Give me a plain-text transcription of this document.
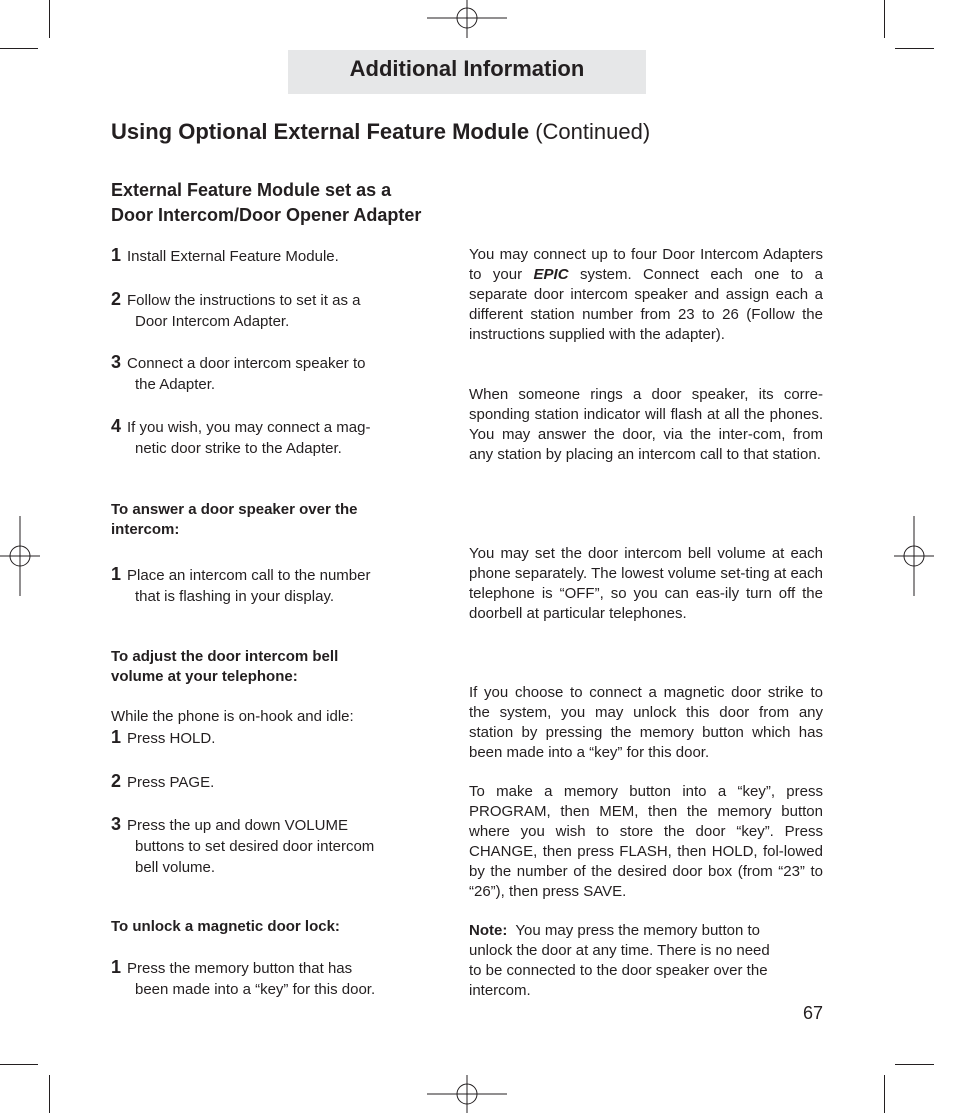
Additional Information
Using Optional External Feature Module (Continued)
External Feature Module set as a
Door Intercom/Door Opener Adapter
1 Install External Feature Module.
2 Follow the instructions to set it as a
Door Intercom Adapter.
3 Connect a door intercom speaker to
the Adapter.
4 If you wish, you may connect a mag-
netic door strike to the Adapter.
To answer a door speaker over the
intercom:
1 Place an intercom call to the number
that is flashing in your display.
To adjust the door intercom bell
volume at your telephone:
While the phone is on-hook and idle:
1 Press HOLD.
2 Press PAGE.
3 Press the up and down VOLUME
buttons to set desired door intercom
bell volume.
To unlock a magnetic door lock:
1 Press the memory button that has
been made into a “key” for this door.
You may connect up to four Door Intercom Adapters to your EPIC system. Connect each one to a separate door intercom speaker and assign each a different station number from 23 to 26 (Follow the instructions supplied with the adapter).
When someone rings a door speaker, its corre-sponding station indicator will flash at all the phones. You may answer the door, via the inter-com, from any station by placing an intercom call to that station.
You may set the door intercom bell volume at each phone separately. The lowest volume set-ting at each telephone is “OFF”, so you can eas-ily turn off the doorbell at particular telephones.
If you choose to connect a magnetic door strike to the system, you may unlock this door from any station by pressing the memory button which has been made into a “key” for this door.
To make a memory button into a “key”, press PROGRAM, then MEM, then the memory button where you wish to store the door “key”. Press CHANGE, then press FLASH, then HOLD, fol-lowed by the number of the desired door box (from “23” to “26”), then press SAVE.
Note: You may press the memory button to
unlock the door at any time. There is no need
to be connected to the door speaker over the
intercom.
67
